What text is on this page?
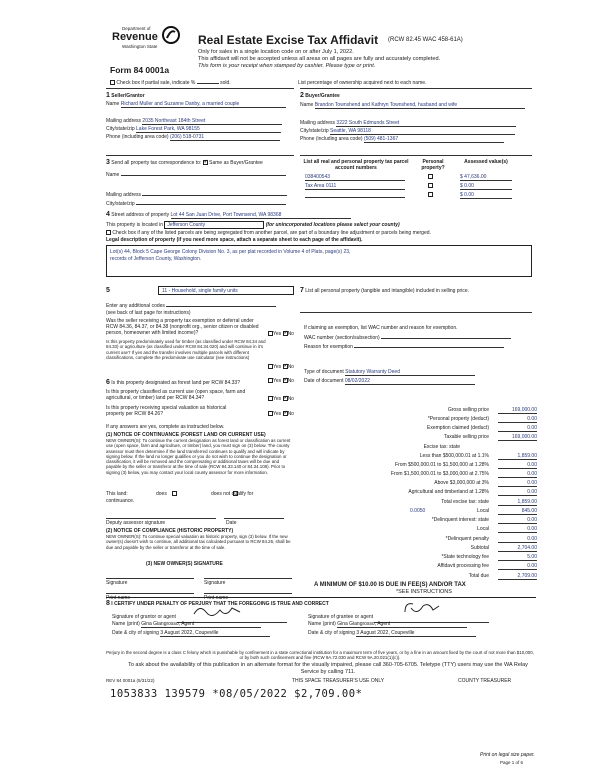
Department of
Revenue
Washington State
Form 84 0001a
Real Estate Excise Tax Affidavit (RCW 82.45 WAC 458-61A)
Only for sales in a single location code on or after July 1, 2022.
This affidavit will not be accepted unless all areas on all pages are fully and accurately completed.
This form is your receipt when stamped by cashier. Please type or print.
Check box if partial sale, indicate %	sold.	List percentage of ownership acquired next to each name.
1 Seller/Grantor
Name Richard Muller and Suzanne Danby, a married couple
Mailing address 2035 Northeast 184th Street
City/state/zip Lake Forest Park, WA 98155
Phone (including area code) (206) 518-0731
2 Buyer/Grantee
Name Brandon Townshend and Kathryn Townshend, husband and wife
Mailing address 3222 South Edmunds Street
City/state/zip Seattle, WA 98118
Phone (including area code) (509) 481-1367
3 Send all property tax correspondence to: ✓ Same as Buyer/Grantee
Name
Mailing address
City/state/zip
List all real and personal property tax parcel account numbers
Personal property?
Assessed value(s)
038400543	$ 47,636.00
Tax Area 0111	$ 0.00
$ 0.00
4 Street address of property Lot 44 San Juan Drive, Port Townsend, WA 98368
This property is located in Jefferson County	(for unincorporated locations please select your county)
Check box if any of the listed parcels are being segregated from another parcel, are part of a boundary line adjustment or parcels being merged.
Legal description of property (if you need more space, attach a separate sheet to each page of the affidavit).
Lot(s) 44, Block 5 Cape George Colony Division No. 3, as per plat recorded in Volume 4 of Plats, page(s) 23,
records of Jefferson County, Washington.
5	11 - Household, single family units
Enter any additional codes
(see back of last page for instructions)
Was the seller receiving a property tax exemption or deferral under RCW 84.36, 84.37, or 84.38 (nonprofit org., senior citizen or disabled person, homeowner with limited income)?	Yes ✓ No
Is this property predominately used for timber (as classified under RCW 84.34 and 84.33) or agriculture (as classified under RCW 84.34.020) and will continue in it's current use? If yes and the transfer involves multiple parcels with different classifications, complete the predominate use calculator (see instructions)
Yes ✓ No
6 Is this property designated as forest land per RCW 84.33?	Yes ✓ No
Is this property classified as current use (open space, farm and agricultural, or timber) land per RCW 84.34?	Yes ✓ No
Is this property receiving special valuation as historical property per RCW 84.26?	Yes ✓ No
If any answers are yes, complete as instructed below.
(1) NOTICE OF CONTINUANCE (FOREST LAND OR CURRENT USE)
NEW OWNER(S): To continue the current designation as forest land or classification as current use (open space, farm and agriculture, or timber) land, you must sign on (3) below. The county assessor must then determine if the land transferred continues to qualify and will indicate by signing below. If the land no longer qualifies or you do not wish to continue the designation or classification, it will be removed and the compensating or additional taxes will be due and payable by the seller or transferor at the time of sale (RCW 84.33.140 or 84.34.108). Prior to signing (3) below, you may contact your local county assessor for more information.
This land:	does	does not qualify for
continuance.
Deputy assessor signature	Date
(2) NOTICE OF COMPLIANCE (HISTORIC PROPERTY)
NEW OWNER(S): To continue special valuation as historic property, sign (3) below. If the new owner(s) doesn't wish to continue, all additional tax calculated pursuant to RCW 84.26, shall be due and payable by the seller or transferor at the time of sale.
(3) NEW OWNER(S) SIGNATURE
Signature	Signature
Print name	Print name
7 List all personal property (tangible and intangible) included in selling price.
If claiming an exemption, list WAC number and reason for exemption.
WAC number (section/subsection)
Reason for exemption
Type of document Statutory Warranty Deed
Date of document 08/02/2022
Gross selling price	169,000.00
*Personal property (deduct)	0.00
Exemption claimed (deduct)	0.00
Taxable selling price	169,000.00
Excise tax: state
Less than $500,000.01 at 1.1%	1,859.00
From $500,000.01 to $1,500,000 at 1.28%	0.00
From $1,500,000.01 to $3,000,000 at 2.75%	0.00
Above $3,000,000 at 3%	0.00
Agricultural and timberland at 1.28%	0.00
Total excise tax: state	1,859.00
0.0050	Local	845.00
*Delinquent interest: state	0.00
Local	0.00
*Delinquent penalty	0.00
Subtotal	2,704.00
*State technology fee	5.00
Affidavit processing fee	0.00
Total due	2,709.00
A MINIMUM OF $10.00 IS DUE IN FEE(S) AND/OR TAX
*SEE INSTRUCTIONS
8 I CERTIFY UNDER PENALTY OF PERJURY THAT THE FOREGOING IS TRUE AND CORRECT
Signature of grantor or agent
Name (print) Gina Giangrosso, Agent
Date & city of signing 3 August 2022, Coupeville
Signature of grantee or agent
Name (print) Gina Giangrosso, Agent
Date & city of signing 3 August 2022, Coupeville
Perjury in the second degree is a class C felony which is punishable by confinement in a state correctional institution for a maximum term of five years, or by a fine in an amount fixed by the court of not more than $10,000, or by both such confinement and fine (RCW 9A.72.030 and RCW 9A.20.021(1)(c)).
To ask about the availability of this publication in an alternate format for the visually impaired, please call 360-705-6705. Teletype (TTY) users may use the WA Relay Service by calling 711.
REV 84 0001a (5/31/22)	THIS SPACE TREASURER'S USE ONLY	COUNTY TREASURER
1053833 139579 *08/05/2022 $2,709.00*
Print on legal size paper.
Page 1 of 6
